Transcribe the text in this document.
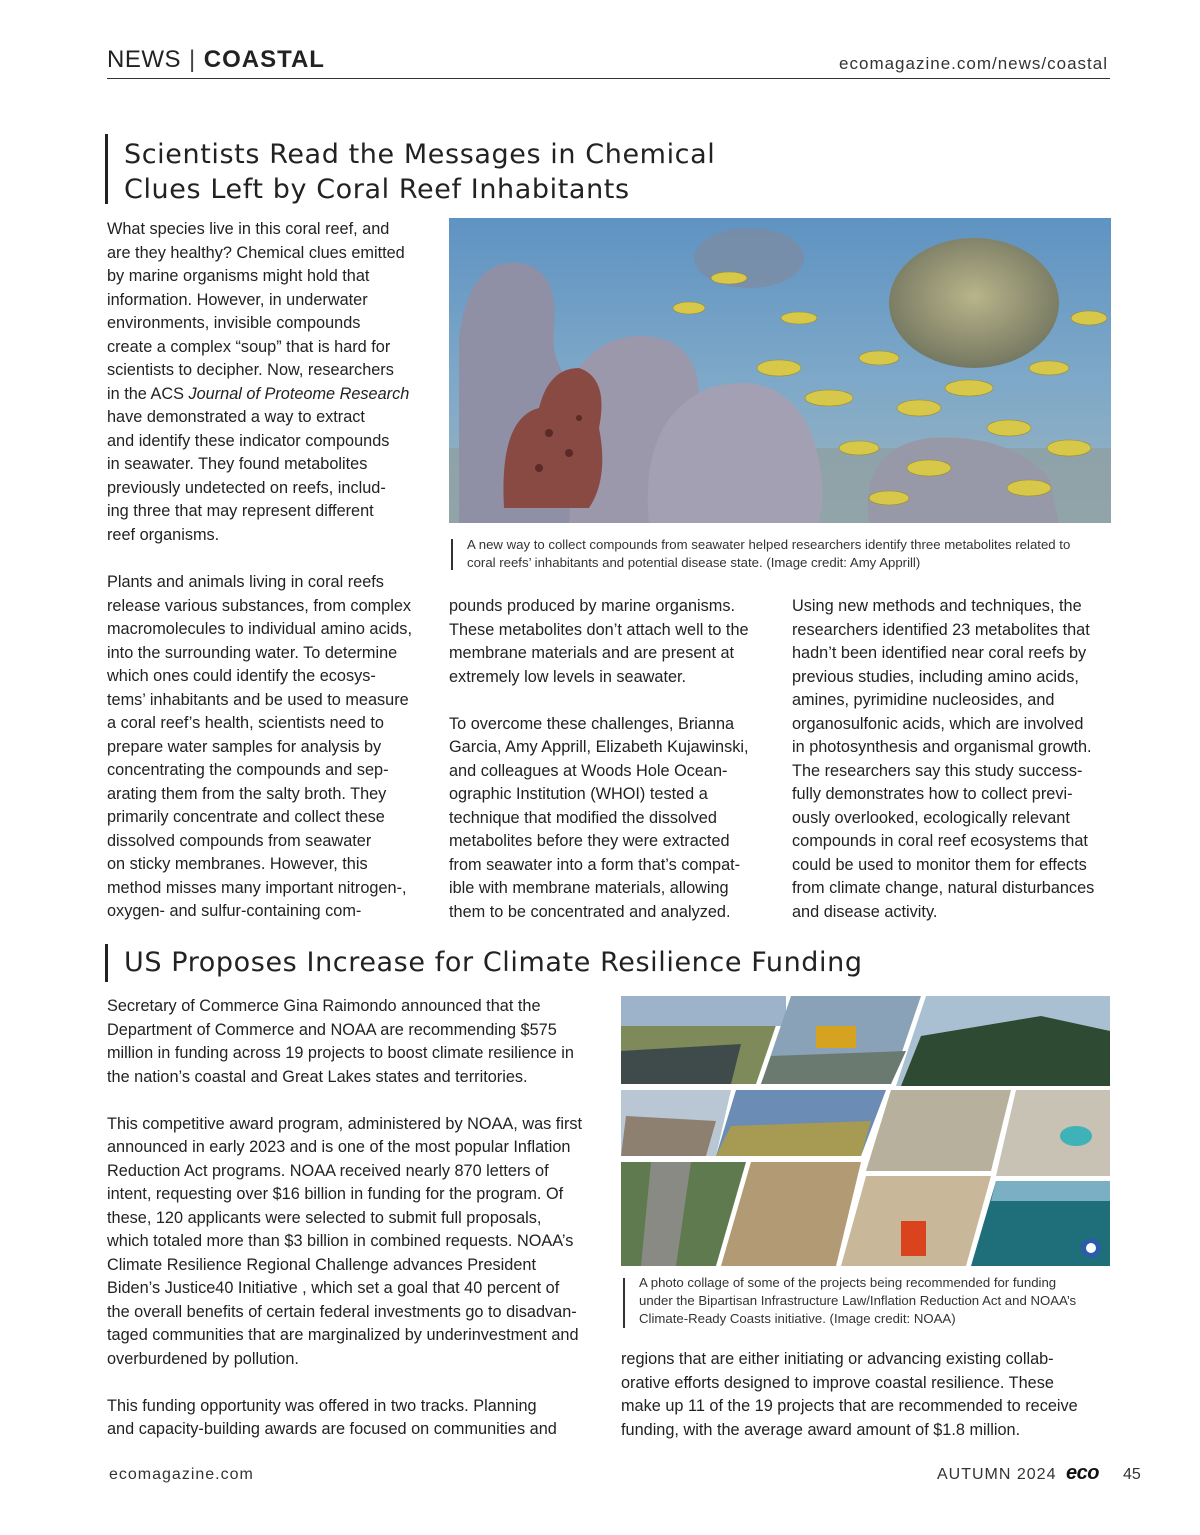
NEWS | COASTAL	ecomagazine.com/news/coastal
Scientists Read the Messages in Chemical
Clues Left by Coral Reef Inhabitants
What species live in this coral reef, and
are they healthy? Chemical clues emitted
by marine organisms might hold that
information. However, in underwater
environments, invisible compounds
create a complex “soup” that is hard for
scientists to decipher. Now, researchers
in the ACS Journal of Proteome Research
have demonstrated a way to extract
and identify these indicator compounds
in seawater. They found metabolites
previously undetected on reefs, includ-
ing three that may represent different
reef organisms.
A new way to collect compounds from seawater helped researchers identify three metabolites related to coral reefs’ inhabitants and potential disease state. (Image credit: Amy Apprill)
Plants and animals living in coral reefs
release various substances, from complex
macromolecules to individual amino acids,
into the surrounding water. To determine
which ones could identify the ecosys-
tems’ inhabitants and be used to measure
a coral reef’s health, scientists need to
prepare water samples for analysis by
concentrating the compounds and sep-
arating them from the salty broth. They
primarily concentrate and collect these
dissolved compounds from seawater
on sticky membranes. However, this
method misses many important nitrogen-,
oxygen- and sulfur-containing com-
pounds produced by marine organisms.
These metabolites don’t attach well to the
membrane materials and are present at
extremely low levels in seawater.

To overcome these challenges, Brianna
Garcia, Amy Apprill, Elizabeth Kujawinski,
and colleagues at Woods Hole Ocean-
ographic Institution (WHOI) tested a
technique that modified the dissolved
metabolites before they were extracted
from seawater into a form that’s compat-
ible with membrane materials, allowing
them to be concentrated and analyzed.
Using new methods and techniques, the
researchers identified 23 metabolites that
hadn’t been identified near coral reefs by
previous studies, including amino acids,
amines, pyrimidine nucleosides, and
organosulfonic acids, which are involved
in photosynthesis and organismal growth.
The researchers say this study success-
fully demonstrates how to collect previ-
ously overlooked, ecologically relevant
compounds in coral reef ecosystems that
could be used to monitor them for effects
from climate change, natural disturbances
and disease activity.
US Proposes Increase for Climate Resilience Funding
Secretary of Commerce Gina Raimondo announced that the
Department of Commerce and NOAA are recommending $575
million in funding across 19 projects to boost climate resilience in
the nation’s coastal and Great Lakes states and territories.

This competitive award program, administered by NOAA, was first
announced in early 2023 and is one of the most popular Inflation
Reduction Act programs. NOAA received nearly 870 letters of
intent, requesting over $16 billion in funding for the program. Of
these, 120 applicants were selected to submit full proposals,
which totaled more than $3 billion in combined requests. NOAA’s
Climate Resilience Regional Challenge advances President
Biden’s Justice40 Initiative , which set a goal that 40 percent of
the overall benefits of certain federal investments go to disadvan-
taged communities that are marginalized by underinvestment and
overburdened by pollution.

This funding opportunity was offered in two tracks. Planning
and capacity-building awards are focused on communities and
A photo collage of some of the projects being recommended for funding under the Bipartisan Infrastructure Law/Inflation Reduction Act and NOAA’s Climate-Ready Coasts initiative. (Image credit: NOAA)
regions that are either initiating or advancing existing collab-
orative efforts designed to improve coastal resilience. These
make up 11 of the 19 projects that are recommended to receive
funding, with the average award amount of $1.8 million.
ecomagazine.com	AUTUMN 2024 eco 45
